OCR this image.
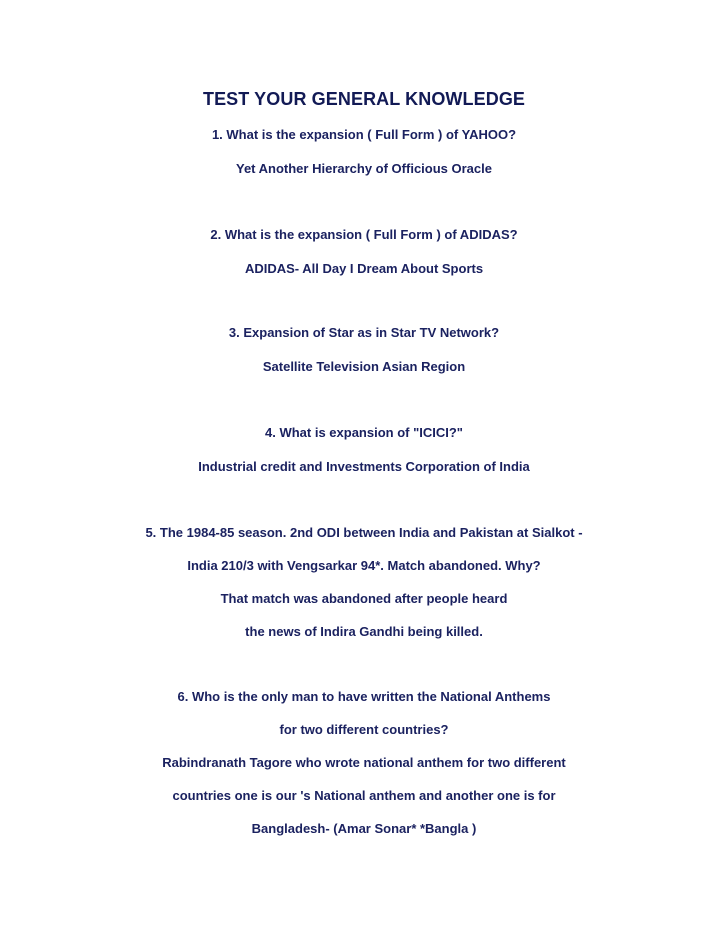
TEST YOUR GENERAL KNOWLEDGE
1. What is the expansion ( Full Form ) of YAHOO?
Yet Another Hierarchy of Officious Oracle
2. What is the expansion ( Full Form ) of ADIDAS?
ADIDAS- All Day I Dream About Sports
3. Expansion of Star as in Star TV Network?
Satellite Television Asian Region
4. What is expansion of "ICICI?"
Industrial credit and Investments Corporation of India
5. The 1984-85 season. 2nd ODI between India and Pakistan at Sialkot -
India 210/3 with Vengsarkar 94*. Match abandoned. Why?
That match was abandoned after people heard
the news of Indira Gandhi being killed.
6. Who is the only man to have written the National Anthems
for two different countries?
Rabindranath Tagore who wrote national anthem for two different
countries one is our 's National anthem and another one is for
Bangladesh- (Amar Sonar* *Bangla )
